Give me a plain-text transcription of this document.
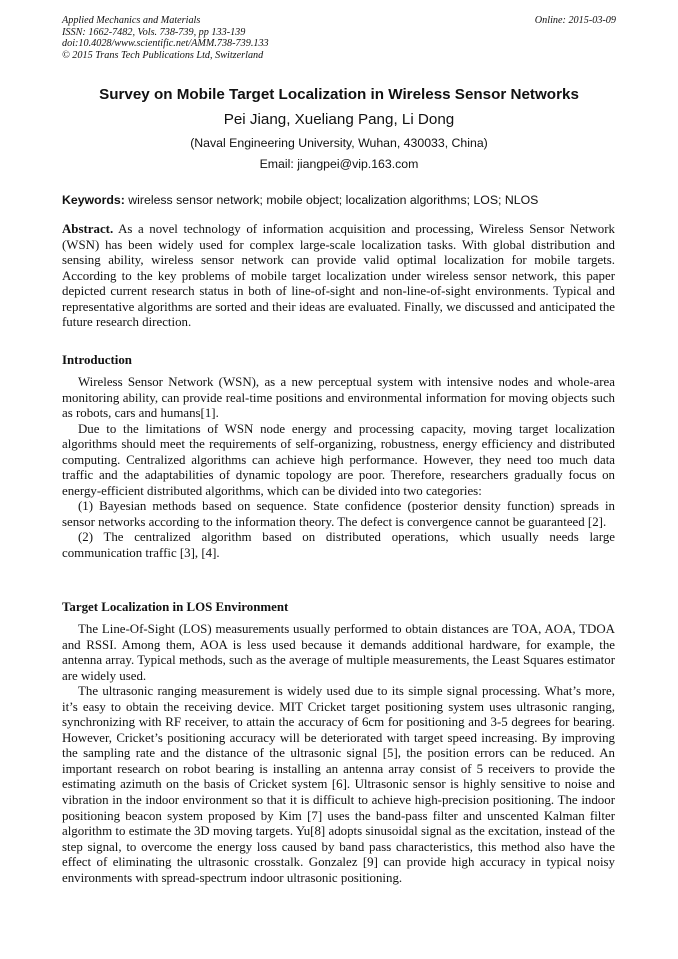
Applied Mechanics and Materials
ISSN: 1662-7482, Vols. 738-739, pp 133-139
doi:10.4028/www.scientific.net/AMM.738-739.133
© 2015 Trans Tech Publications Ltd, Switzerland
Online: 2015-03-09
Survey on Mobile Target Localization in Wireless Sensor Networks
Pei Jiang, Xueliang Pang, Li Dong
(Naval Engineering University, Wuhan, 430033, China)
Email: jiangpei@vip.163.com
Keywords: wireless sensor network; mobile object; localization algorithms; LOS; NLOS

Abstract. As a novel technology of information acquisition and processing, Wireless Sensor Network (WSN) has been widely used for complex large-scale localization tasks. With global distribution and sensing ability, wireless sensor network can provide valid optimal localization for mobile targets. According to the key problems of mobile target localization under wireless sensor network, this paper depicted current research status in both of line-of-sight and non-line-of-sight environments. Typical and representative algorithms are sorted and their ideas are evaluated. Finally, we discussed and anticipated the future research direction.

Introduction

Wireless Sensor Network (WSN), as a new perceptual system with intensive nodes and whole-area monitoring ability, can provide real-time positions and environmental information for moving objects such as robots, cars and humans[1].

Due to the limitations of WSN node energy and processing capacity, moving target localization algorithms should meet the requirements of self-organizing, robustness, energy efficiency and distributed computing. Centralized algorithms can achieve high performance. However, they need too much data traffic and the adaptabilities of dynamic topology are poor. Therefore, researchers gradually focus on energy-efficient distributed algorithms, which can be divided into two categories:

(1) Bayesian methods based on sequence. State confidence (posterior density function) spreads in sensor networks according to the information theory. The defect is convergence cannot be guaranteed [2].

(2) The centralized algorithm based on distributed operations, which usually needs large communication traffic [3], [4].

Target Localization in LOS Environment

The Line-Of-Sight (LOS) measurements usually performed to obtain distances are TOA, AOA, TDOA and RSSI. Among them, AOA is less used because it demands additional hardware, for example, the antenna array. Typical methods, such as the average of multiple measurements, the Least Squares estimator are widely used.

The ultrasonic ranging measurement is widely used due to its simple signal processing. What’s more, it’s easy to obtain the receiving device. MIT Cricket target positioning system uses ultrasonic ranging, synchronizing with RF receiver, to attain the accuracy of 6cm for positioning and 3-5 degrees for bearing. However, Cricket’s positioning accuracy will be deteriorated with target speed increasing. By improving the sampling rate and the distance of the ultrasonic signal [5], the position errors can be reduced. An important research on robot bearing is installing an antenna array consist of 5 receivers to provide the estimating azimuth on the basis of Cricket system [6]. Ultrasonic sensor is highly sensitive to noise and vibration in the indoor environment so that it is difficult to achieve high-precision positioning. The indoor positioning beacon system proposed by Kim [7] uses the band-pass filter and unscented Kalman filter algorithm to estimate the 3D moving targets. Yu[8] adopts sinusoidal signal as the excitation, instead of the step signal, to overcome the energy loss caused by band pass characteristics, this method also have the effect of eliminating the ultrasonic crosstalk. Gonzalez [9] can provide high accuracy in typical noisy environments with spread-spectrum indoor ultrasonic positioning.
